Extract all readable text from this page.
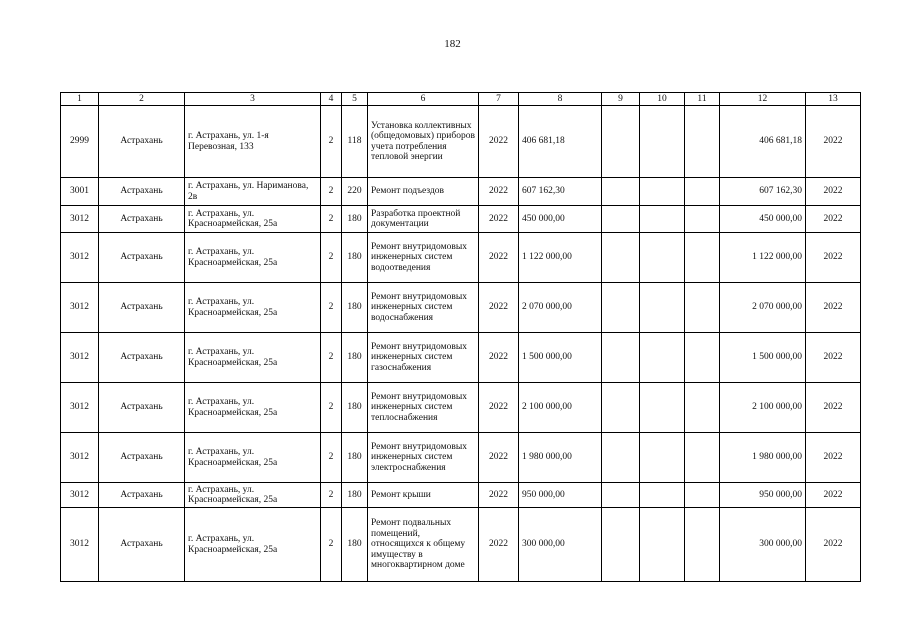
182
1	2	3	4	5	6	7	8	9	10	11	12	13
2999	Астрахань	г. Астрахань, ул. 1-я Перевозная, 133	2	118	Установка коллективных (общедомовых) приборов учета потребления тепловой энергии	2022	406 681,18				406 681,18	2022
3001	Астрахань	г. Астрахань, ул. Нариманова, 2в	2	220	Ремонт подъездов	2022	607 162,30				607 162,30	2022
3012	Астрахань	г. Астрахань, ул. Красноармейская, 25а	2	180	Разработка проектной документации	2022	450 000,00				450 000,00	2022
3012	Астрахань	г. Астрахань, ул. Красноармейская, 25а	2	180	Ремонт внутридомовых инженерных систем водоотведения	2022	1 122 000,00				1 122 000,00	2022
3012	Астрахань	г. Астрахань, ул. Красноармейская, 25а	2	180	Ремонт внутридомовых инженерных систем водоснабжения	2022	2 070 000,00				2 070 000,00	2022
3012	Астрахань	г. Астрахань, ул. Красноармейская, 25а	2	180	Ремонт внутридомовых инженерных систем газоснабжения	2022	1 500 000,00				1 500 000,00	2022
3012	Астрахань	г. Астрахань, ул. Красноармейская, 25а	2	180	Ремонт внутридомовых инженерных систем теплоснабжения	2022	2 100 000,00				2 100 000,00	2022
3012	Астрахань	г. Астрахань, ул. Красноармейская, 25а	2	180	Ремонт внутридомовых инженерных систем электроснабжения	2022	1 980 000,00				1 980 000,00	2022
3012	Астрахань	г. Астрахань, ул. Красноармейская, 25а	2	180	Ремонт крыши	2022	950 000,00				950 000,00	2022
3012	Астрахань	г. Астрахань, ул. Красноармейская, 25а	2	180	Ремонт подвальных помещений, относящихся к общему имуществу в многоквартирном доме	2022	300 000,00				300 000,00	2022
